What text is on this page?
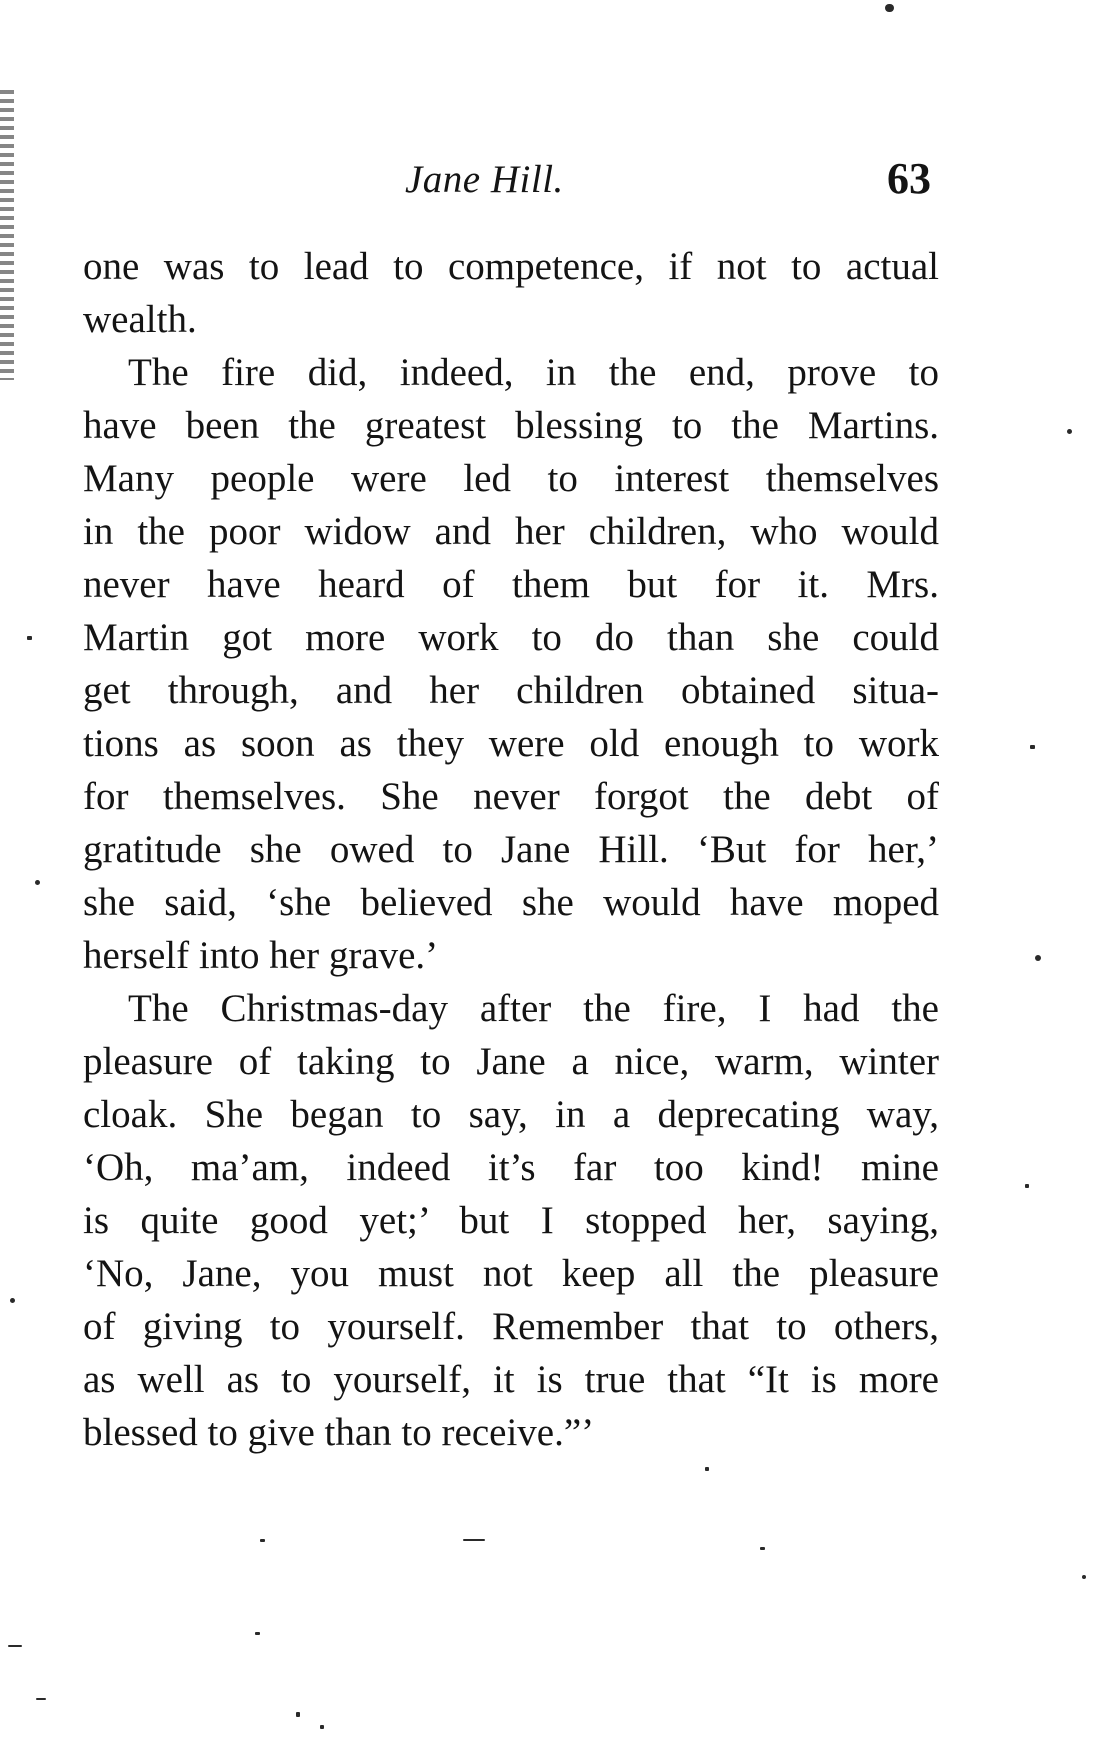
Jane Hill.	63
one was to lead to competence, if not to actual
wealth.
The fire did, indeed, in the end, prove to
have been the greatest blessing to the Martins.
Many people were led to interest themselves
in the poor widow and her children, who would
never have heard of them but for it. Mrs.
Martin got more work to do than she could
get through, and her children obtained situa-
tions as soon as they were old enough to work
for themselves. She never forgot the debt of
gratitude she owed to Jane Hill. ‘But for her,’
she said, ‘she believed she would have moped
herself into her grave.’
The Christmas-day after the fire, I had the
pleasure of taking to Jane a nice, warm, winter
cloak. She began to say, in a deprecating way,
‘Oh, ma’am, indeed it’s far too kind! mine
is quite good yet;’ but I stopped her, saying,
‘No, Jane, you must not keep all the pleasure
of giving to yourself. Remember that to others,
as well as to yourself, it is true that “It is more
blessed to give than to receive.”’
